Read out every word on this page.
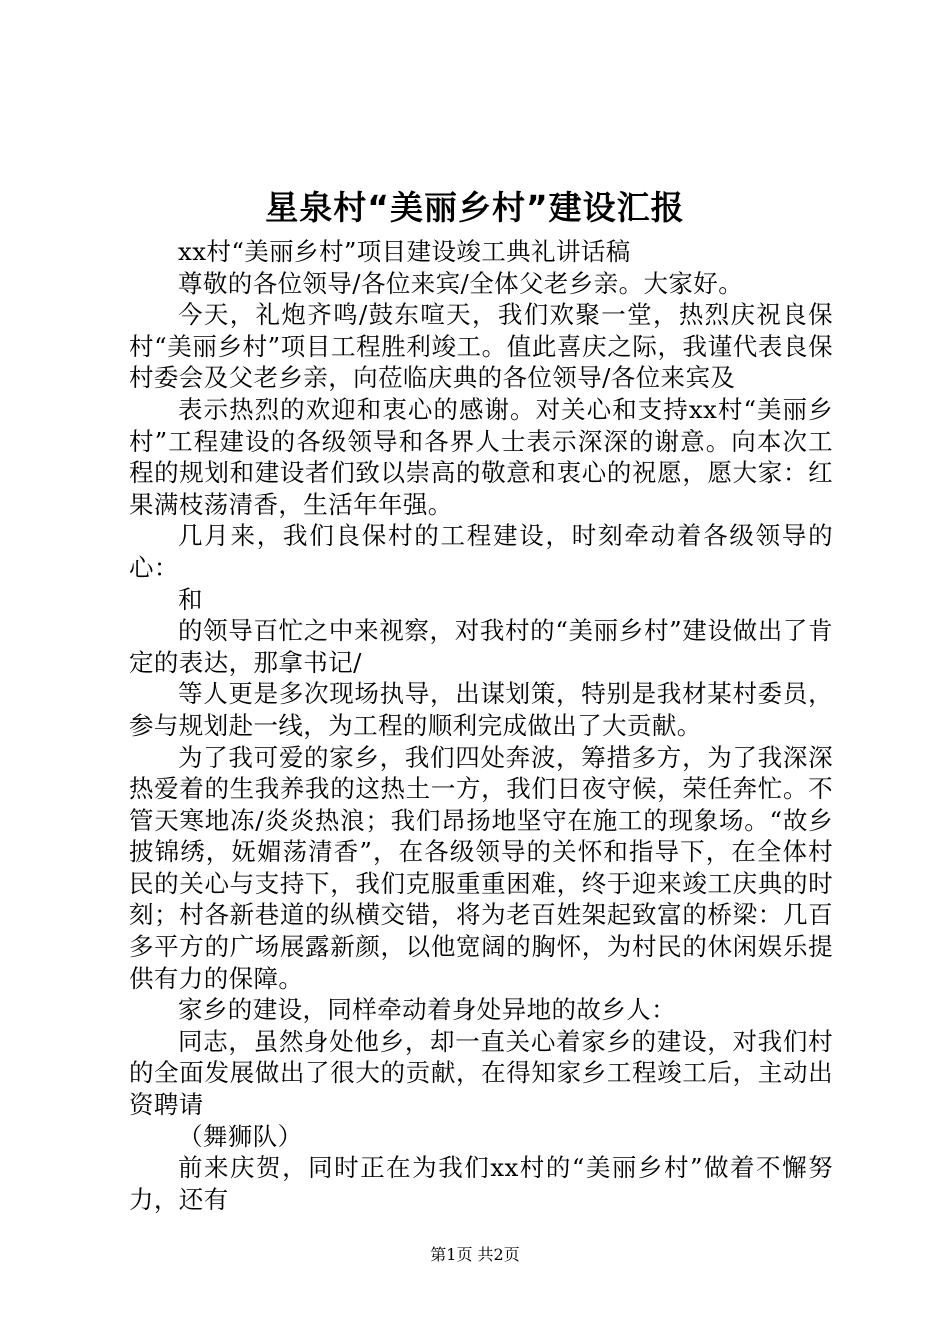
星泉村“美丽乡村”建设汇报

xx村“美丽乡村”项目建设竣工典礼讲话稿

尊敬的各位领导/各位来宾/全体父老乡亲。大家好。

今天，礼炮齐鸣/鼓东喧天，我们欢聚一堂，热烈庆祝良保村“美丽乡村”项目工程胜利竣工。值此喜庆之际，我谨代表良保村委会及父老乡亲，向莅临庆典的各位领导/各位来宾及

表示热烈的欢迎和衷心的感谢。对关心和支持xx村“美丽乡村”工程建设的各级领导和各界人士表示深深的谢意。向本次工程的规划和建设者们致以崇高的敬意和衷心的祝愿，愿大家：红果满枝荡清香，生活年年强。

几月来，我们良保村的工程建设，时刻牵动着各级领导的心：

和

的领导百忙之中来视察，对我村的“美丽乡村”建设做出了肯定的表达，那拿书记/

等人更是多次现场执导，出谋划策，特别是我材某村委员，参与规划赴一线，为工程的顺利完成做出了大贡献。

为了我可爱的家乡，我们四处奔波，筹措多方，为了我深深热爱着的生我养我的这热土一方，我们日夜守候，荣任奔忙。不管天寒地冻/炎炎热浪；我们昂扬地坚守在施工的现象场。“故乡披锦绣，妩媚荡清香”，在各级领导的关怀和指导下，在全体村民的关心与支持下，我们克服重重困难，终于迎来竣工庆典的时刻；村各新巷道的纵横交错，将为老百姓架起致富的桥梁：几百多平方的广场展露新颜，以他宽阔的胸怀，为村民的休闲娱乐提供有力的保障。

家乡的建设，同样牵动着身处异地的故乡人：

同志，虽然身处他乡，却一直关心着家乡的建设，对我们村的全面发展做出了很大的贡献，在得知家乡工程竣工后，主动出资聘请

（舞狮队）

前来庆贺，同时正在为我们xx村的“美丽乡村”做着不懈努力，还有

第1页 共2页
